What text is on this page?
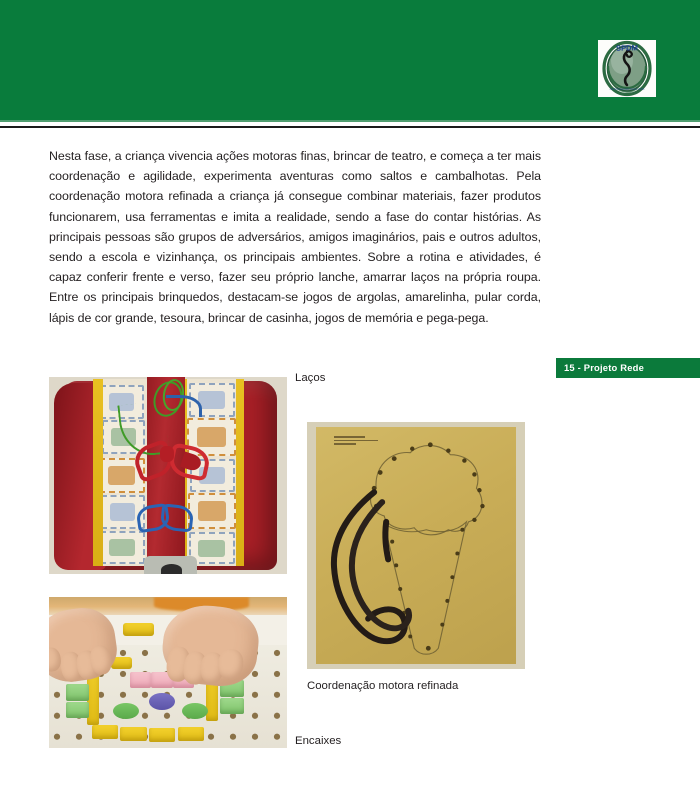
SPDM
ASSOCIACAO PAULISTA
Nesta fase, a criança vivencia ações motoras finas, brincar de teatro, e começa a ter mais coordenação e agilidade, experimenta aventuras como saltos e cambalhotas. Pela coordenação motora refinada a criança já consegue combinar materiais, fazer produtos funcionarem, usa ferramentas e imita a realidade, sendo a fase do contar histórias. As principais pessoas são grupos de adversários, amigos imaginários, pais e outros adultos, sendo a escola e vizinhança, os principais ambientes. Sobre a rotina e atividades, é capaz conferir frente e verso, fazer seu próprio lanche, amarrar laços na própria roupa. Entre os principais brinquedos, destacam-se jogos de argolas, amarelinha, pular corda, lápis de cor grande, tesoura, brincar de casinha, jogos de memória e pega-pega.
15 - Projeto Rede
Laços
Coordenação motora refinada
Encaixes
